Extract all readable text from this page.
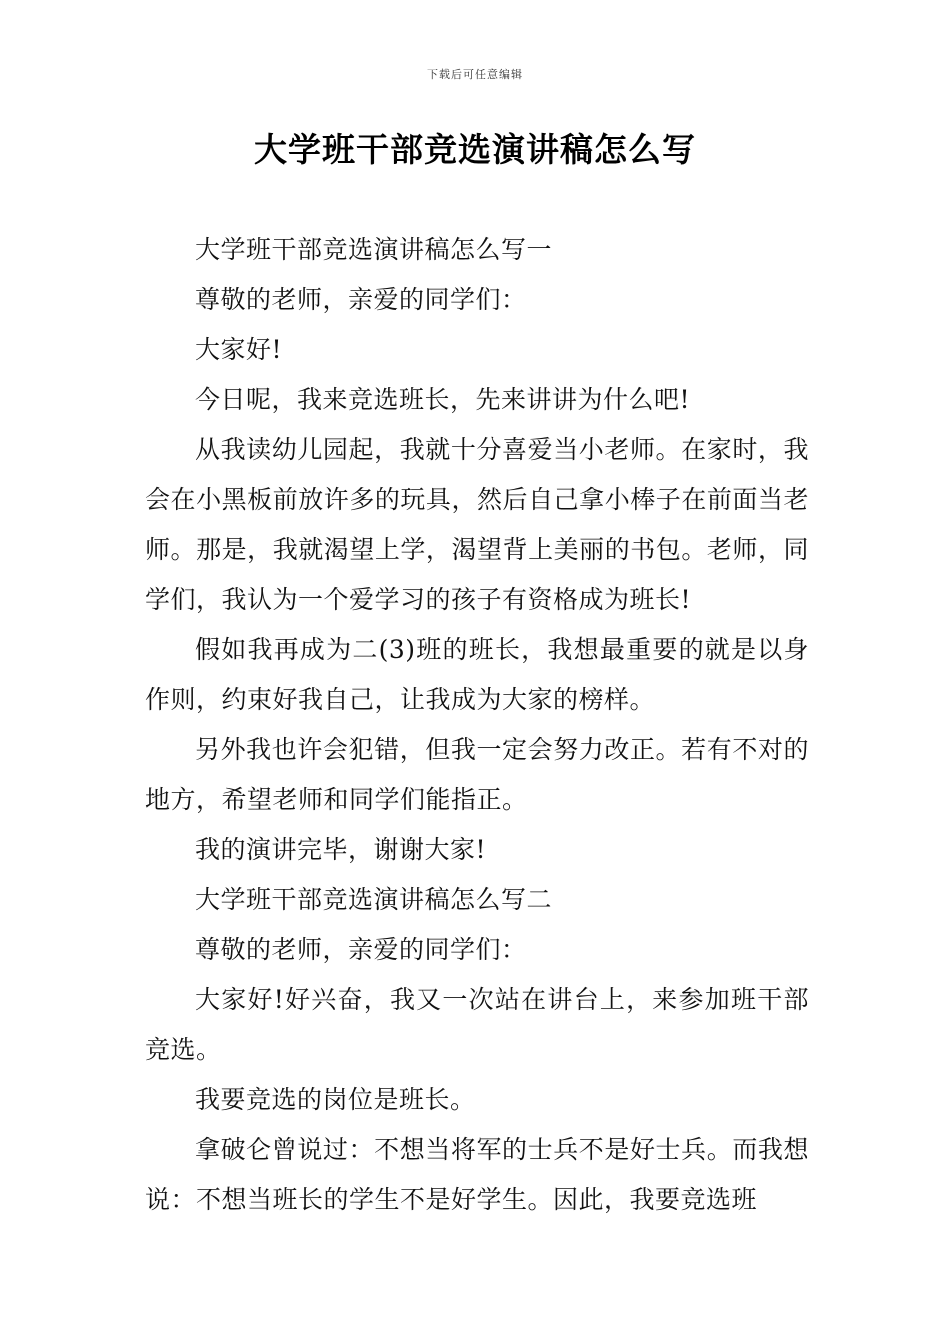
下载后可任意编辑
大学班干部竞选演讲稿怎么写

大学班干部竞选演讲稿怎么写一

尊敬的老师，亲爱的同学们：

大家好!

今日呢，我来竞选班长，先来讲讲为什么吧!

从我读幼儿园起，我就十分喜爱当小老师。在家时，我会在小黑板前放许多的玩具，然后自己拿小棒子在前面当老师。那是，我就渴望上学，渴望背上美丽的书包。老师，同学们，我认为一个爱学习的孩子有资格成为班长!

假如我再成为二(3)班的班长，我想最重要的就是以身作则，约束好我自己，让我成为大家的榜样。

另外我也许会犯错，但我一定会努力改正。若有不对的地方，希望老师和同学们能指正。

我的演讲完毕，谢谢大家!

大学班干部竞选演讲稿怎么写二

尊敬的老师，亲爱的同学们：

大家好!好兴奋，我又一次站在讲台上，来参加班干部竞选。

我要竞选的岗位是班长。

拿破仑曾说过：不想当将军的士兵不是好士兵。而我想说：不想当班长的学生不是好学生。因此，我要竞选班
